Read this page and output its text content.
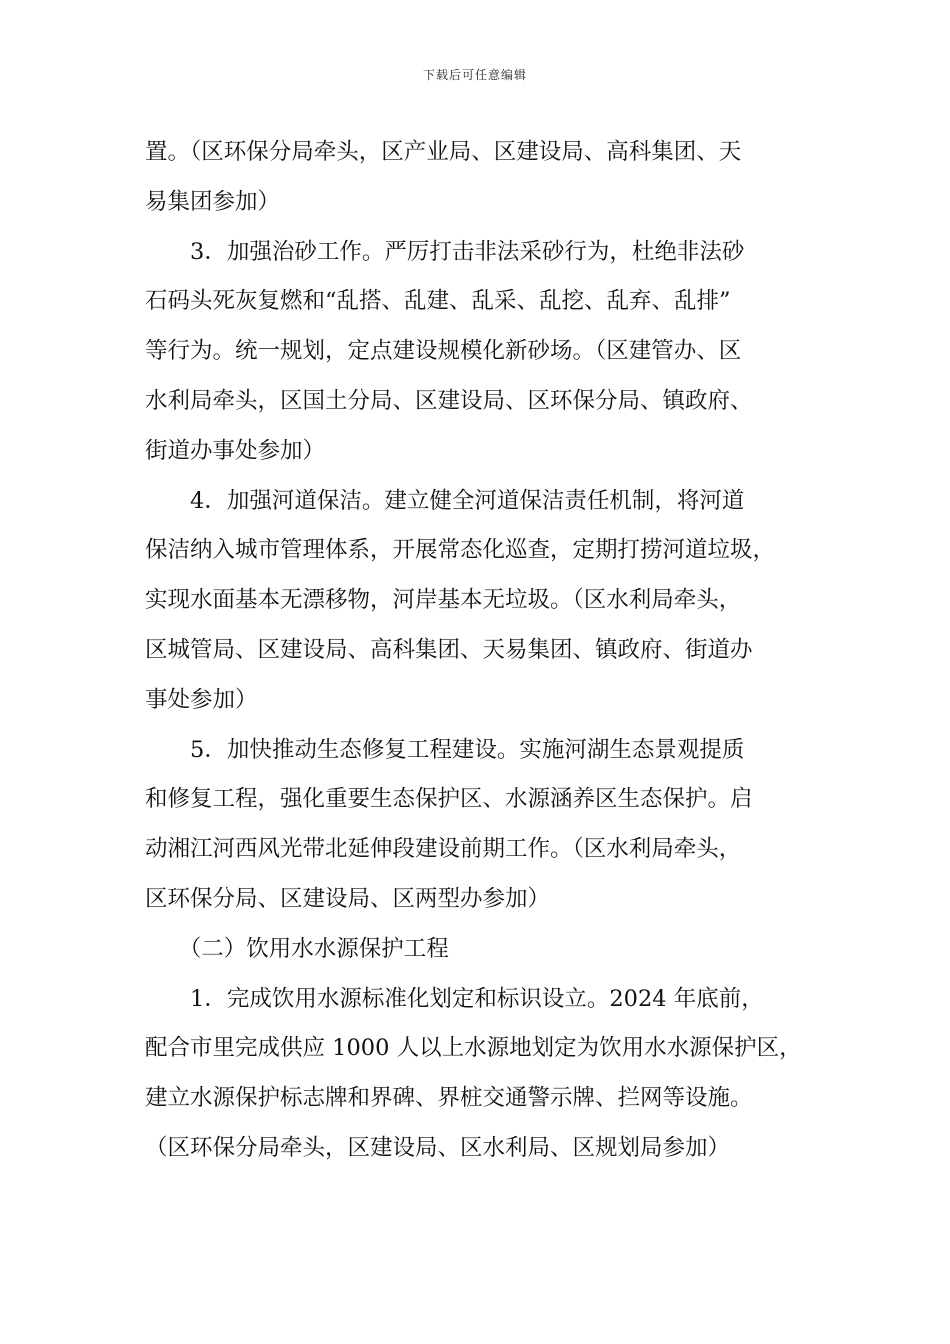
下载后可任意编辑

置。（区环保分局牵头，区产业局、区建设局、高科集团、天
易集团参加）

　　3．加强治砂工作。严厉打击非法采砂行为，杜绝非法砂
石码头死灰复燃和“乱搭、乱建、乱采、乱挖、乱弃、乱排”
等行为。统一规划，定点建设规模化新砂场。（区建管办、区
水利局牵头，区国土分局、区建设局、区环保分局、镇政府、
街道办事处参加）

　　4．加强河道保洁。建立健全河道保洁责任机制，将河道
保洁纳入城市管理体系，开展常态化巡查，定期打捞河道垃圾，
实现水面基本无漂移物，河岸基本无垃圾。（区水利局牵头，
区城管局、区建设局、高科集团、天易集团、镇政府、街道办
事处参加）

　　5．加快推动生态修复工程建设。实施河湖生态景观提质
和修复工程，强化重要生态保护区、水源涵养区生态保护。启
动湘江河西风光带北延伸段建设前期工作。（区水利局牵头，
区环保分局、区建设局、区两型办参加）

　　（二）饮用水水源保护工程

　　1．完成饮用水源标准化划定和标识设立。2024 年底前，
配合市里完成供应 1000 人以上水源地划定为饮用水水源保护区，
建立水源保护标志牌和界碑、界桩交通警示牌、拦网等设施。
（区环保分局牵头，区建设局、区水利局、区规划局参加）
